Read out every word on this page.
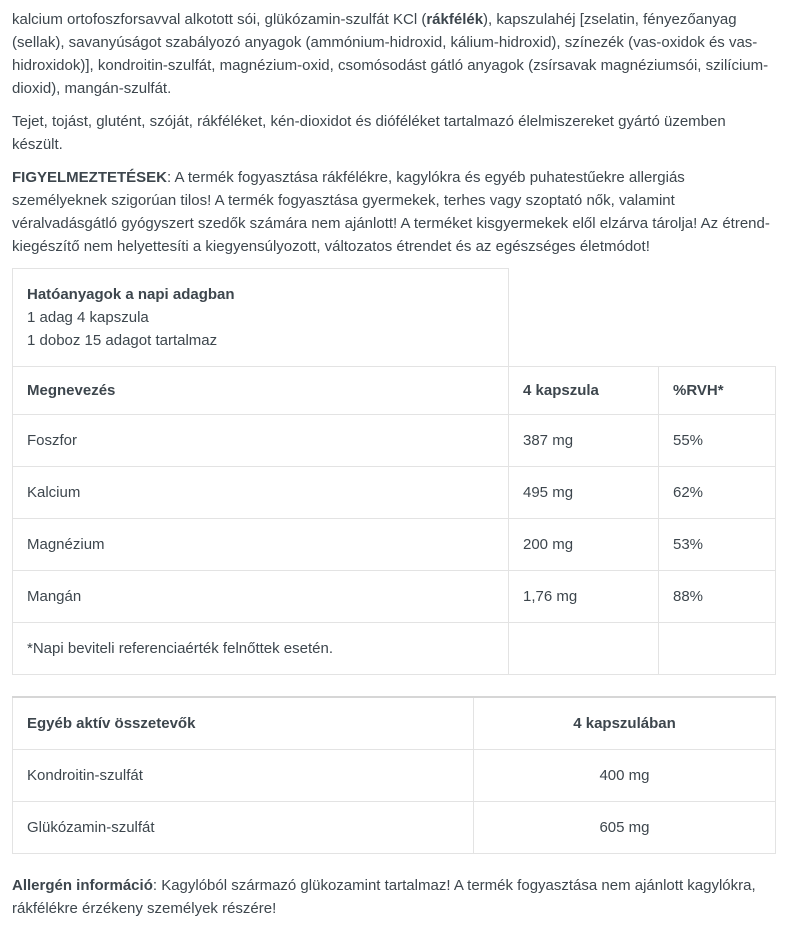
kalcium ortofoszforsavval alkotott sói, glükózamin-szulfát KCl (rákfélék), kapszulahéj [zselatin, fényezőanyag (sellak), savanyúságot szabályozó anyagok (ammónium-hidroxid, kálium-hidroxid), színezék (vas-oxidok és vas-hidroxidok)], kondroitin-szulfát, magnézium-oxid, csomósodást gátló anyagok (zsírsavak magnéziumsói, szilícium-dioxid), mangán-szulfát.

Tejet, tojást, glutént, szóját, rákféléket, kén-dioxidot és dióféléket tartalmazó élelmiszereket gyártó üzemben készült.

FIGYELMEZTETÉSEK: A termék fogyasztása rákfélékre, kagylókra és egyéb puhatestűekre allergiás személyeknek szigorúan tilos! A termék fogyasztása gyermekek, terhes vagy szoptató nők, valamint véralvadásgátló gyógyszert szedők számára nem ajánlott! A terméket kisgyermekek elől elzárva tárolja! Az étrend-kiegészítő nem helyettesíti a kiegyensúlyozott, változatos étrendet és az egészséges életmódot!

Hatóanyagok a napi adagban
1 adag 4 kapszula
1 doboz 15 adagot tartalmaz		

Megnevezés	4 kapszula	%RVH*
Foszfor	387 mg	55%
Kalcium	495 mg	62%
Magnézium	200 mg	53%
Mangán	1,76 mg	88%
*Napi beviteli referenciaérték felnőttek esetén.		
Egyéb aktív összetevők	4 kapszulában
Kondroitin-szulfát	400 mg
Glükózamin-szulfát	605 mg

Allergén információ: Kagylóból származó glükozamint tartalmaz! A termék fogyasztása nem ajánlott kagylókra, rákfélékre érzékeny személyek részére!
